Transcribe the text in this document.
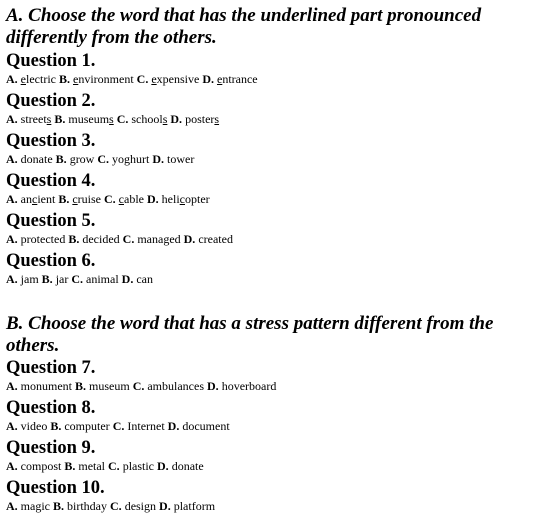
A. Choose the word that has the underlined part pronounced differently from the others.
Question 1.
A. electric B. environment C. expensive D. entrance
Question 2.
A. streets B. museums C. schools D. posters
Question 3.
A. donate B. grow C. yoghurt D. tower
Question 4.
A. ancient B. cruise C. cable D. helicopter
Question 5.
A. protected B. decided C. managed D. created
Question 6.
A. jam B. jar C. animal D. can
B. Choose the word that has a stress pattern different from the others.
Question 7.
A. monument B. museum C. ambulances D. hoverboard
Question 8.
A. video B. computer C. Internet D. document
Question 9.
A. compost B. metal C. plastic D. donate
Question 10.
A. magic B. birthday C. design D. platform
